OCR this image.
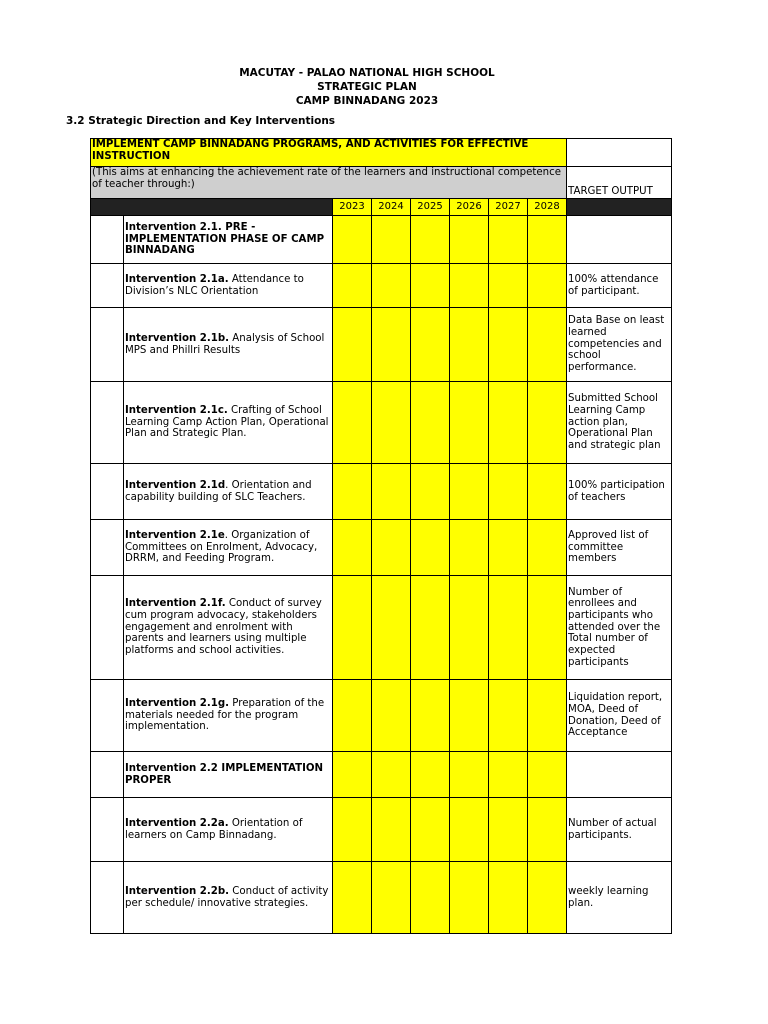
MACUTAY - PALAO NATIONAL HIGH SCHOOL
STRATEGIC PLAN
CAMP BINNADANG 2023
3.2 Strategic Direction and Key Interventions
IMPLEMENT CAMP BINNADANG PROGRAMS, AND ACTIVITIES FOR EFFECTIVE INSTRUCTION								
(This aims at enhancing the achievement rate of the learners and instructional competence of teacher through:)								TARGET OUTPUT
		2023	2024	2025	2026	2027	2028	
	Intervention 2.1. PRE - IMPLEMENTATION PHASE OF CAMP BINNADANG							
	Intervention 2.1a. Attendance to Division’s NLC Orientation							100% attendance of participant.
	Intervention 2.1b. Analysis of School MPS and Phillri Results							Data Base on least learned competencies and school performance.
	Intervention 2.1c. Crafting of School Learning Camp Action Plan, Operational Plan and Strategic Plan.							Submitted School Learning Camp action plan, Operational Plan and strategic plan
	Intervention 2.1d. Orientation and capability building of SLC Teachers.							100% participation of teachers
	Intervention 2.1e. Organization of Committees on Enrolment, Advocacy, DRRM, and Feeding Program.							Approved list of committee members
	Intervention 2.1f. Conduct of survey cum program advocacy, stakeholders engagement and enrolment with parents and learners using multiple platforms and school activities.							Number of enrollees and participants who attended over the Total number of expected participants
	Intervention 2.1g. Preparation of the materials needed for the program implementation.							Liquidation report, MOA, Deed of Donation, Deed of Acceptance
	Intervention 2.2 IMPLEMENTATION PROPER							
	Intervention 2.2a. Orientation of learners on Camp Binnadang.							Number of actual participants.
	Intervention 2.2b. Conduct of activity per schedule/ innovative strategies.							weekly learning plan.
